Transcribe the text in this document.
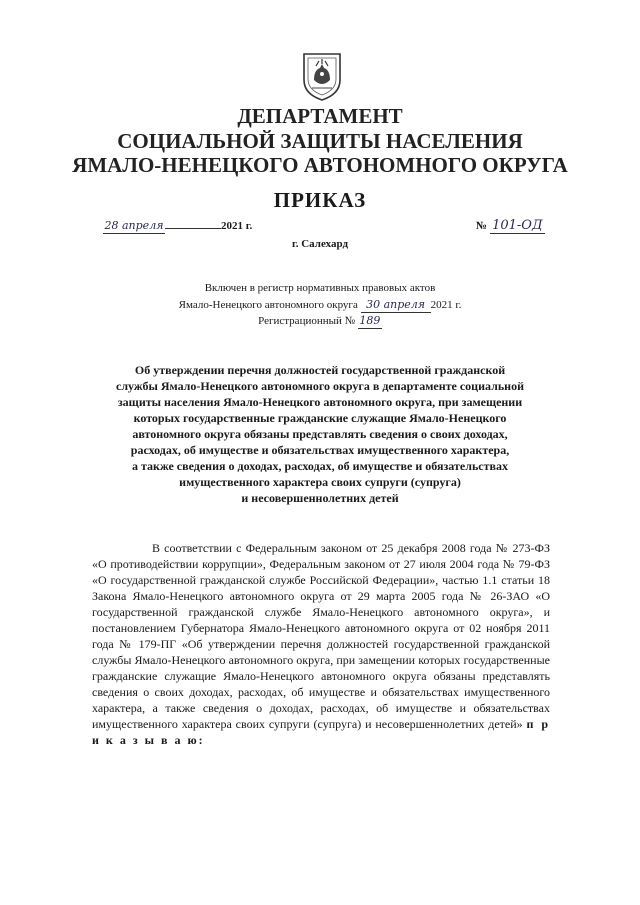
ДЕПАРТАМЕНТ
СОЦИАЛЬНОЙ ЗАЩИТЫ НАСЕЛЕНИЯ
ЯМАЛО-НЕНЕЦКОГО АВТОНОМНОГО ОКРУГА
ПРИКАЗ
28 апреля	2021 г.	№ 101-ОД
г. Салехард
Включен в регистр нормативных правовых актов
Ямало-Ненецкого автономного округа 30 апреля 2021 г.
Регистрационный № 189
Об утверждении перечня должностей государственной гражданской
службы Ямало-Ненецкого автономного округа в департаменте социальной
защиты населения Ямало-Ненецкого автономного округа, при замещении
которых государственные гражданские служащие Ямало-Ненецкого
автономного округа обязаны представлять сведения о своих доходах,
расходах, об имуществе и обязательствах имущественного характера,
а также сведения о доходах, расходах, об имуществе и обязательствах
имущественного характера своих супруги (супруга)
и несовершеннолетних детей

В соответствии с Федеральным законом от 25 декабря 2008 года № 273-ФЗ «О противодействии коррупции», Федеральным законом от 27 июля 2004 года № 79-ФЗ «О государственной гражданской службе Российской Федерации», частью 1.1 статьи 18 Закона Ямало-Ненецкого автономного округа от 29 марта 2005 года № 26-ЗАО «О государственной гражданской службе Ямало-Ненецкого автономного округа», и постановлением Губернатора Ямало-Ненецкого автономного округа от 02 ноября 2011 года № 179-ПГ «Об утверждении перечня должностей государственной гражданской службы Ямало-Ненецкого автономного округа, при замещении которых государственные гражданские служащие Ямало-Ненецкого автономного округа обязаны представлять сведения о своих доходах, расходах, об имуществе и обязательствах имущественного характера, а также сведения о доходах, расходах, об имуществе и обязательствах имущественного характера своих супруги (супруга) и несовершеннолетних детей» п р и к а з ы в а ю:
